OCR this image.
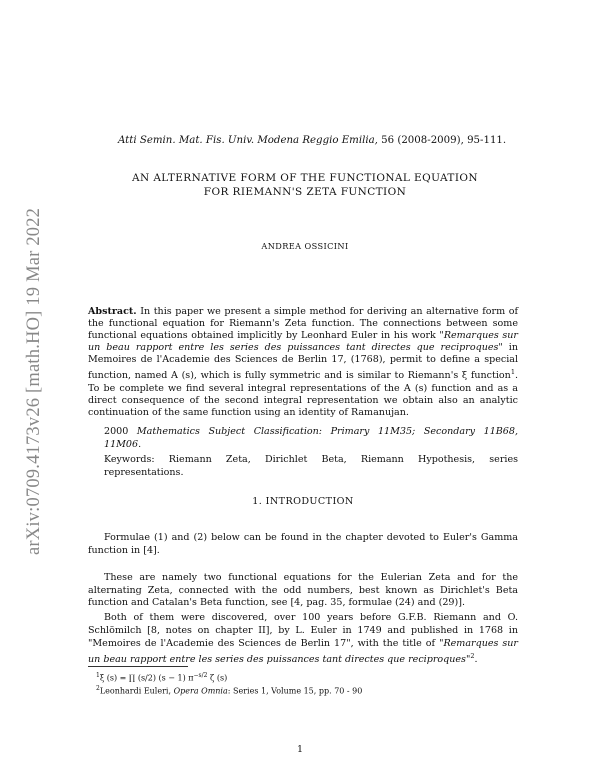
arXiv:0709.4173v26 [math.HO] 19 Mar 2022
Atti Semin. Mat. Fis. Univ. Modena Reggio Emilia, 56 (2008-2009), 95-111.
AN ALTERNATIVE FORM OF THE FUNCTIONAL EQUATION
FOR RIEMANN'S ZETA FUNCTION
ANDREA OSSICINI
Abstract. In this paper we present a simple method for deriving an alternative form of the functional equation for Riemann's Zeta function. The connections between some functional equations obtained implicitly by Leonhard Euler in his work "Remarques sur un beau rapport entre les series des puissances tant directes que reciproques" in Memoires de l'Academie des Sciences de Berlin 17, (1768), permit to define a special function, named A (s), which is fully symmetric and is similar to Riemann's ξ function$^1$. To be complete we find several integral representations of the A (s) function and as a direct consequence of the second integral representation we obtain also an analytic continuation of the same function using an identity of Ramanujan.
2000 Mathematics Subject Classification: Primary 11M35; Secondary 11B68, 11M06.
Keywords: Riemann Zeta, Dirichlet Beta, Riemann Hypothesis, series representations.
1. INTRODUCTION
Formulae (1) and (2) below can be found in the chapter devoted to Euler's Gamma function in [4].
These are namely two functional equations for the Eulerian Zeta and for the alternating Zeta, connected with the odd numbers, best known as Dirichlet's Beta function and Catalan's Beta function, see [4, pag. 35, formulae (24) and (29)].
Both of them were discovered, over 100 years before G.F.B. Riemann and O. Schlömilch [8, notes on chapter II], by L. Euler in 1749 and published in 1768 in "Memoires de l'Academie des Sciences de Berlin 17", with the title of "Remarques sur un beau rapport entre les series des puissances tant directes que reciproques"$^2$.
$^1$ξ (s) = ∏ (s/2) (s − 1) $\pi^{-s/2}$ ζ (s)
$^2$Leonhardi Euleri, Opera Omnia: Series 1, Volume 15, pp. 70 - 90
1
